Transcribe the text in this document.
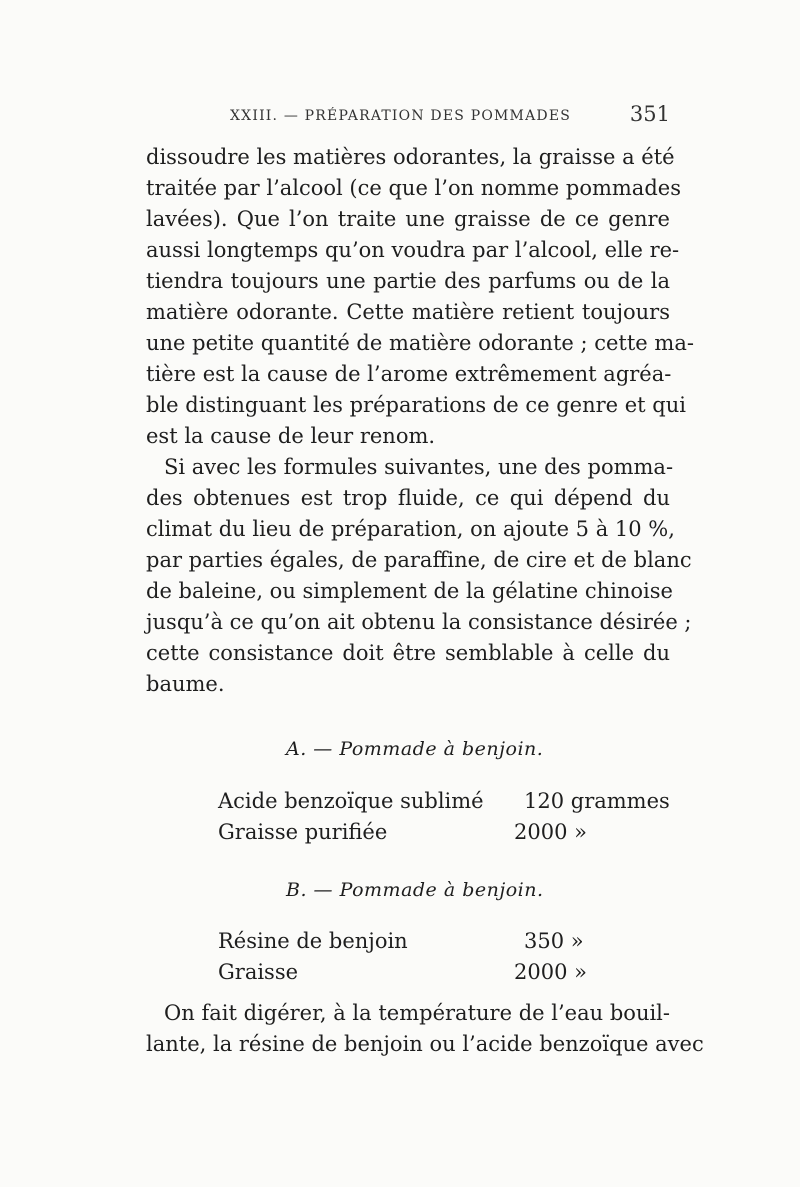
XXIII. — PRÉPARATION DES POMMADES	351
dissoudre les matières odorantes, la graisse a été
traitée par l’alcool (ce que l’on nomme pommades
lavées). Que l’on traite une graisse de ce genre
aussi longtemps qu’on voudra par l’alcool, elle re-
tiendra toujours une partie des parfums ou de la
matière odorante. Cette matière retient toujours
une petite quantité de matière odorante ; cette ma-
tière est la cause de l’arome extrêmement agréa-
ble distinguant les préparations de ce genre et qui
est la cause de leur renom.
Si avec les formules suivantes, une des pomma-
des obtenues est trop fluide, ce qui dépend du
climat du lieu de préparation, on ajoute 5 à 10 %,
par parties égales, de paraffine, de cire et de blanc
de baleine, ou simplement de la gélatine chinoise
jusqu’à ce qu’on ait obtenu la consistance désirée ;
cette consistance doit être semblable à celle du
baume.
A. — Pommade à benjoin.
Acide benzoïque sublimé 120 grammes
Graisse purifiée	2000 »
B. — Pommade à benjoin.
Résine de benjoin	350 »
Graisse	2000 »
On fait digérer, à la température de l’eau bouil-
lante, la résine de benjoin ou l’acide benzoïque avec
